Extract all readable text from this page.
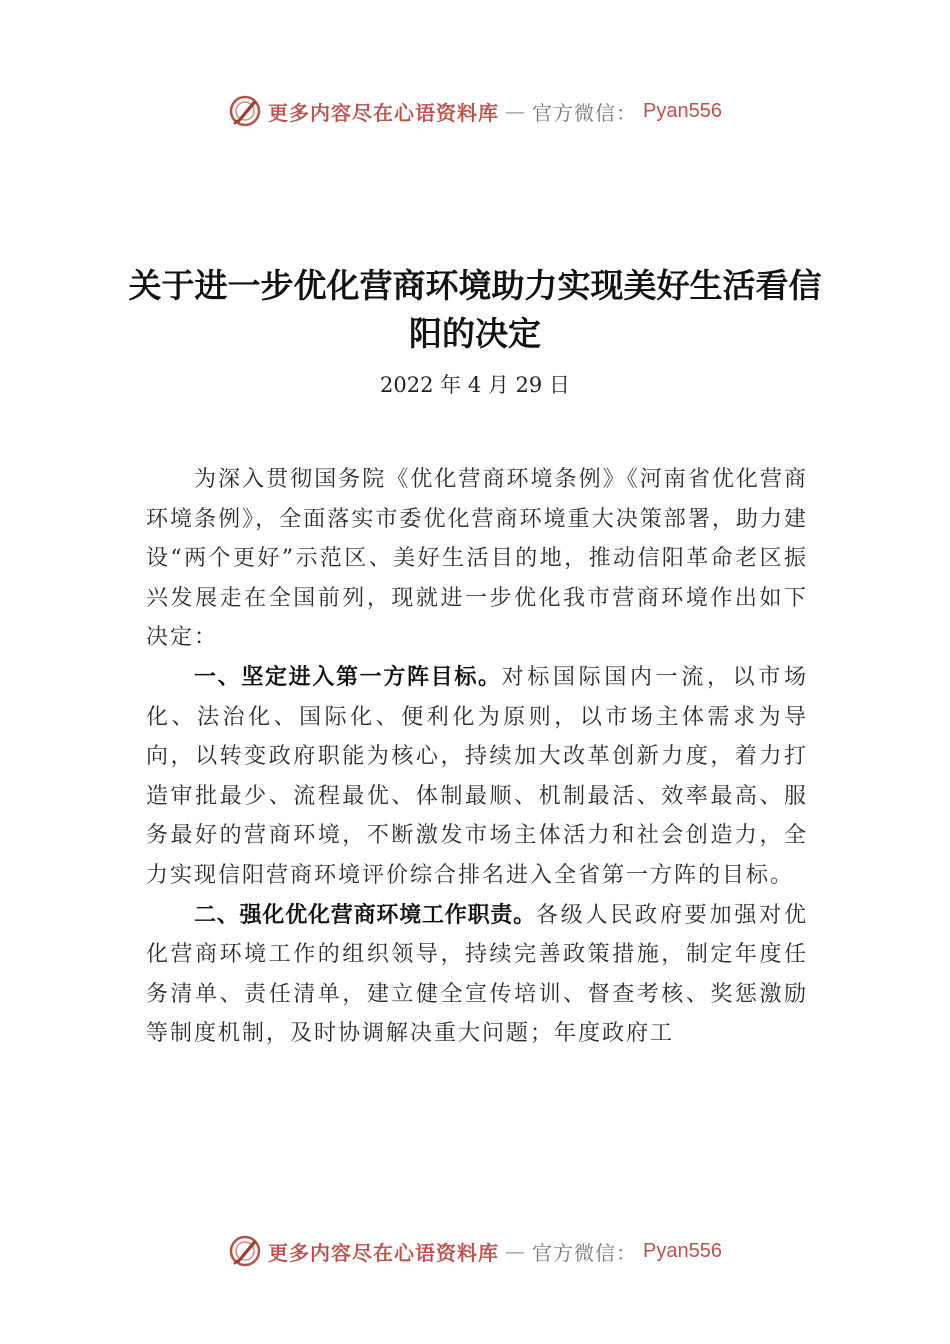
更多内容尽在心语资料库 — 官方微信： Pyan556
关于进一步优化营商环境助力实现美好生活看信阳的决定
2022 年 4 月 29 日

为深入贯彻国务院《优化营商环境条例》《河南省优化营商环境条例》，全面落实市委优化营商环境重大决策部署，助力建设“两个更好”示范区、美好生活目的地，推动信阳革命老区振兴发展走在全国前列，现就进一步优化我市营商环境作出如下决定：

一、坚定进入第一方阵目标。对标国际国内一流，以市场化、法治化、国际化、便利化为原则，以市场主体需求为导向，以转变政府职能为核心，持续加大改革创新力度，着力打造审批最少、流程最优、体制最顺、机制最活、效率最高、服务最好的营商环境，不断激发市场主体活力和社会创造力，全力实现信阳营商环境评价综合排名进入全省第一方阵的目标。

二、强化优化营商环境工作职责。各级人民政府要加强对优化营商环境工作的组织领导，持续完善政策措施，制定年度任务清单、责任清单，建立健全宣传培训、督查考核、奖惩激励等制度机制，及时协调解决重大问题；年度政府工

更多内容尽在心语资料库 — 官方微信： Pyan556
